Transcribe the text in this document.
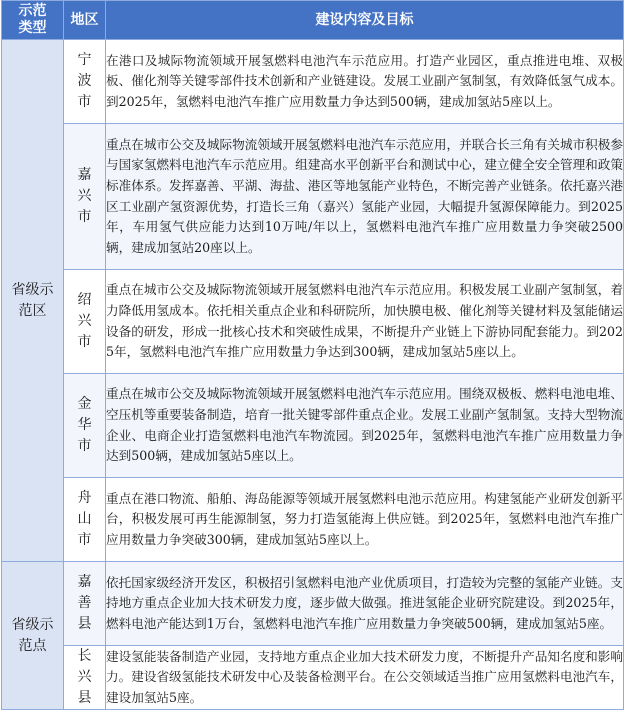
示范
类型	地区	建设内容及目标
省级示
范区	宁波市	在港口及城际物流领域开展氢燃料电池汽车示范应用。打造产业园区，重点推进电堆、双极板、催化剂等关键零部件技术创新和产业链建设。发展工业副产氢制氢，有效降低氢气成本。到2025年，氢燃料电池汽车推广应用数量力争达到500辆，建成加氢站5座以上。
	嘉兴市	重点在城市公交及城际物流领域开展氢燃料电池汽车示范应用，并联合长三角有关城市积极参与国家氢燃料电池汽车示范应用。组建高水平创新平台和测试中心，建立健全安全管理和政策标准体系。发挥嘉善、平湖、海盐、港区等地氢能产业特色，不断完善产业链条。依托嘉兴港区工业副产氢资源优势，打造长三角（嘉兴）氢能产业园，大幅提升氢源保障能力。到2025年，车用氢气供应能力达到10万吨/年以上，氢燃料电池汽车推广应用数量力争突破2500辆，建成加氢站20座以上。
	绍兴市	重点在城市公交及城际物流领域开展氢燃料电池汽车示范应用。积极发展工业副产氢制氢，着力降低用氢成本。依托相关重点企业和科研院所，加快膜电极、催化剂等关键材料及氢能储运设备的研发，形成一批核心技术和突破性成果，不断提升产业链上下游协同配套能力。到2025年，氢燃料电池汽车推广应用数量力争达到300辆，建成加氢站5座以上。
	金华市	重点在城市公交及城际物流领域开展氢燃料电池汽车示范应用。围绕双极板、燃料电池电堆、空压机等重要装备制造，培育一批关键零部件重点企业。发展工业副产氢制氢。支持大型物流企业、电商企业打造氢燃料电池汽车物流园。到2025年，氢燃料电池汽车推广应用数量力争达到500辆，建成加氢站5座以上。
	舟山市	重点在港口物流、船舶、海岛能源等领域开展氢燃料电池示范应用。构建氢能产业研发创新平台，积极发展可再生能源制氢，努力打造氢能海上供应链。到2025年，氢燃料电池汽车推广应用数量力争突破300辆，建成加氢站5座以上。
省级示
范点	嘉善县	依托国家级经济开发区，积极招引氢燃料电池产业优质项目，打造较为完整的氢能产业链。支持地方重点企业加大技术研发力度，逐步做大做强。推进氢能企业研究院建设。到2025年，燃料电池产能达到1万台，氢燃料电池汽车推广应用数量力争突破500辆，建成加氢站5座。
	长兴县	建设氢能装备制造产业园，支持地方重点企业加大技术研发力度，不断提升产品知名度和影响力。建设省级氢能技术研发中心及装备检测平台。在公交领域适当推广应用氢燃料电池汽车，建设加氢站5座。
